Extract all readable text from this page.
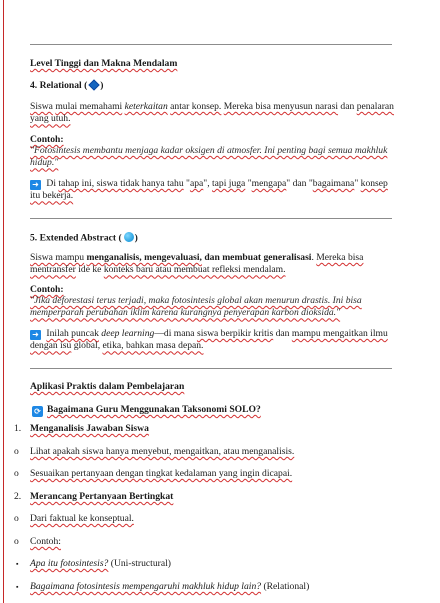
Level Tinggi dan Makna Mendalam
4. Relational ( )
Siswa mulai memahami keterkaitan antar konsep. Mereka bisa menyusun narasi dan penalaran yang utuh.
Contoh:
"Fotosintesis membantu menjaga kadar oksigen di atmosfer. Ini penting bagi semua makhluk hidup."
➜ Di tahap ini, siswa tidak hanya tahu "apa", tapi juga "mengapa" dan "bagaimana" konsep itu bekerja.
5. Extended Abstract ( )
Siswa mampu menganalisis, mengevaluasi, dan membuat generalisasi. Mereka bisa mentransfer ide ke konteks baru atau membuat refleksi mendalam.
Contoh:
"Jika deforestasi terus terjadi, maka fotosintesis global akan menurun drastis. Ini bisa memperparah perubahan iklim karena kurangnya penyerapan karbon dioksida."
➜ Inilah puncak deep learning—di mana siswa berpikir kritis dan mampu mengaitkan ilmu dengan isu global, etika, bahkan masa depan.
Aplikasi Praktis dalam Pembelajaran
⟳ Bagaimana Guru Menggunakan Taksonomi SOLO?
1. Menganalisis Jawaban Siswa
o	Lihat apakah siswa hanya menyebut, mengaitkan, atau menganalisis.
o	Sesuaikan pertanyaan dengan tingkat kedalaman yang ingin dicapai.
2. Merancang Pertanyaan Bertingkat
o	Dari faktual ke konseptual.
o	Contoh:
▪	Apa itu fotosintesis? (Uni-structural)
▪	Bagaimana fotosintesis mempengaruhi makhluk hidup lain? (Relational)
